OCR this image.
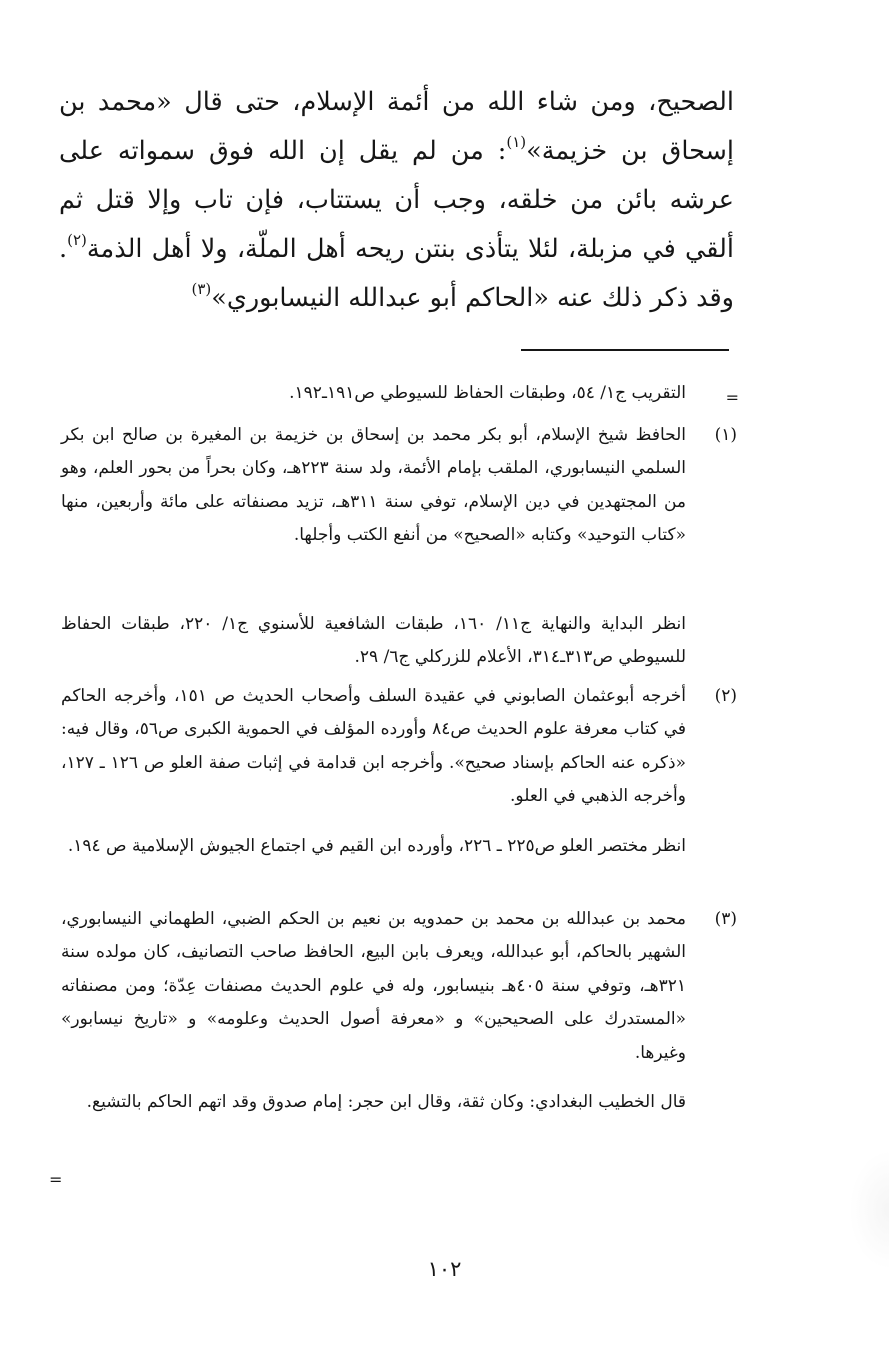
الصحيح، ومن شاء الله من أئمة الإسلام، حتى قال «محمد بن إسحاق بن خزيمة»$^{(١)}$: من لم يقل إن الله فوق سمواته على عرشه بائن من خلقه، وجب أن يستتاب، فإن تاب وإلا قتل ثم ألقي في مزبلة، لئلا يتأذى بنتن ريحه أهل الملّة، ولا أهل الذمة$^{(٢)}$. وقد ذكر ذلك عنه «الحاكم أبو عبدالله النيسابوري»$^{(٣)}$
=
التقريب ج١/ ٥٤، وطبقات الحفاظ للسيوطي ص١٩١ـ١٩٢.
(١)
الحافظ شيخ الإسلام، أبو بكر محمد بن إسحاق بن خزيمة بن المغيرة بن صالح ابن بكر السلمي النيسابوري، الملقب بإمام الأئمة، ولد سنة ٢٢٣هـ، وكان بحراً من بحور العلم، وهو من المجتهدين في دين الإسلام، توفي سنة ٣١١هـ، تزيد مصنفاته على مائة وأربعين، منها «كتاب التوحيد» وكتابه «الصحيح» من أنفع الكتب وأجلها.
انظر البداية والنهاية ج١١/ ١٦٠، طبقات الشافعية للأسنوي ج١/ ٢٢٠، طبقات الحفاظ للسيوطي ص٣١٣ـ٣١٤، الأعلام للزركلي ج٦/ ٢٩.
(٢)
أخرجه أبوعثمان الصابوني في عقيدة السلف وأصحاب الحديث ص ١٥١، وأخرجه الحاكم في كتاب معرفة علوم الحديث ص٨٤ وأورده المؤلف في الحموية الكبرى ص٥٦، وقال فيه: «ذكره عنه الحاكم بإسناد صحيح». وأخرجه ابن قدامة في إثبات صفة العلو ص ١٢٦ ـ ١٢٧، وأخرجه الذهبي في العلو.
انظر مختصر العلو ص٢٢٥ ـ ٢٢٦، وأورده ابن القيم في اجتماع الجيوش الإسلامية ص ١٩٤.
(٣)
محمد بن عبدالله بن محمد بن حمدويه بن نعيم بن الحكم الضبي، الطهماني النيسابوري، الشهير بالحاكم، أبو عبدالله، ويعرف بابن البيع، الحافظ صاحب التصانيف، كان مولده سنة ٣٢١هـ، وتوفي سنة ٤٠٥هـ بنيسابور، وله في علوم الحديث مصنفات عِدّة؛ ومن مصنفاته «المستدرك على الصحيحين» و «معرفة أصول الحديث وعلومه» و «تاريخ نيسابور» وغيرها.
قال الخطيب البغدادي: وكان ثقة، وقال ابن حجر: إمام صدوق وقد اتهم الحاكم بالتشيع.
=
١٠٢
